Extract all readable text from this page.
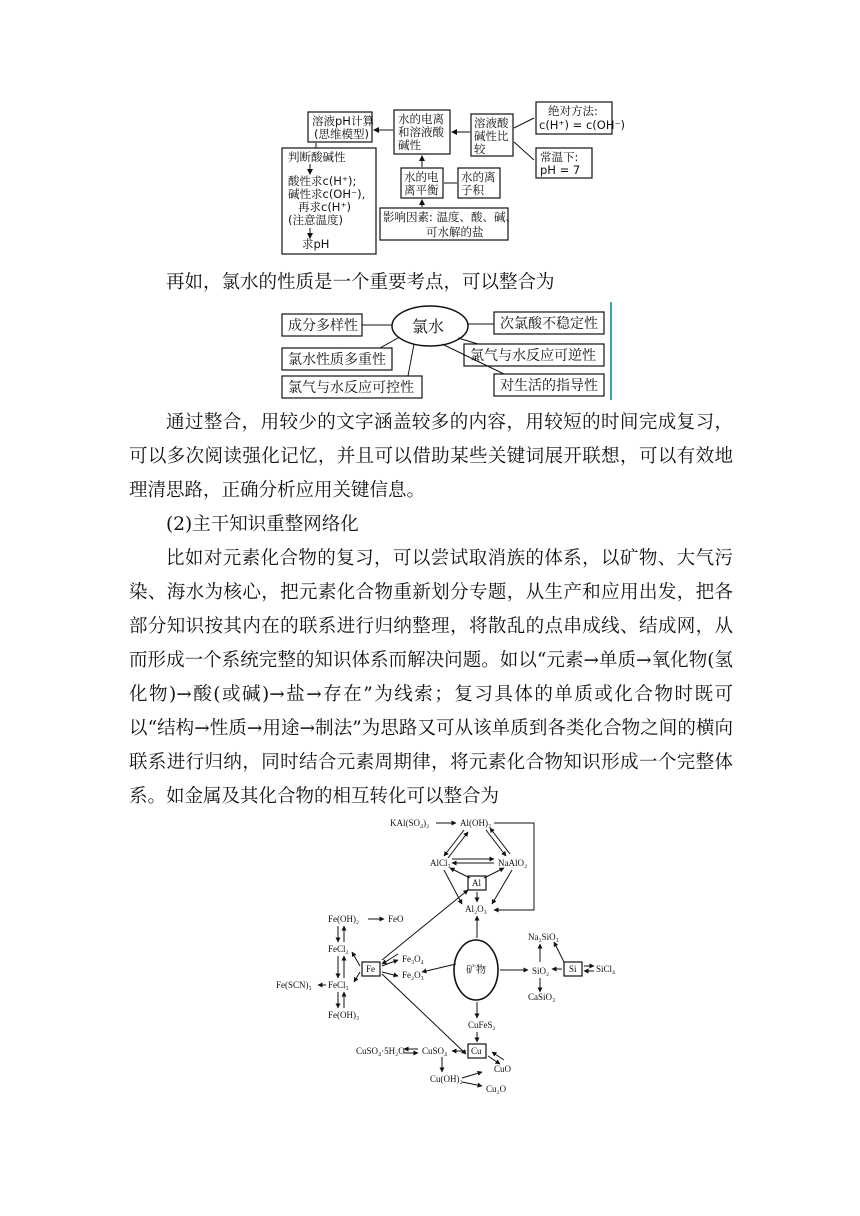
溶液pH计算
(思维模型)
水的电离
和溶液酸
碱性
溶液酸
碱性比
较
绝对方法:
c(H⁺) = c(OH⁻)
常温下:
pH = 7
判断酸碱性
酸性求c(H⁺);
碱性求c(OH⁻),
再求c(H⁺)
(注意温度)
求pH
水的电
离平衡
水的离
子积
影响因素: 温度、酸、碱、
可水解的盐

再如，氯水的性质是一个重要考点，可以整合为

氯水
成分多样性
氯水性质多重性
氯气与水反应可控性
次氯酸不稳定性
氯气与水反应可逆性
对生活的指导性

通过整合，用较少的文字涵盖较多的内容，用较短的时间完成复习，可以多次阅读强化记忆，并且可以借助某些关键词展开联想，可以有效地理清思路，正确分析应用关键信息。

(2)主干知识重整网络化

比如对元素化合物的复习，可以尝试取消族的体系，以矿物、大气污染、海水为核心，把元素化合物重新划分专题，从生产和应用出发，把各部分知识按其内在的联系进行归纳整理，将散乱的点串成线、结成网，从而形成一个系统完整的知识体系而解决问题。如以“元素→单质→氧化物(氢化物)→酸(或碱)→盐→存在”为线索；复习具体的单质或化合物时既可以“结构→性质→用途→制法”为思路又可从该单质到各类化合物之间的横向联系进行归纳，同时结合元素周期律，将元素化合物知识形成一个完整体系。如金属及其化合物的相互转化可以整合为

矿物
KAl(SO₄)₂	Al(OH)₃
AlCl₃	NaAlO₂
Al
Al₂O₃
Fe(OH)₂	FeO
FeCl₂
Fe
Fe₃O₄
Fe₂O₃
Fe(SCN)₃ FeCl₃
Fe(OH)₃
Na₂SiO₃
SiO₂ Si SiCl₄
CaSiO₃
CuFeS₂
CuSO₄·5H₂O CuSO₄	Cu
CuO
Cu(OH)₂
Cu₂O
